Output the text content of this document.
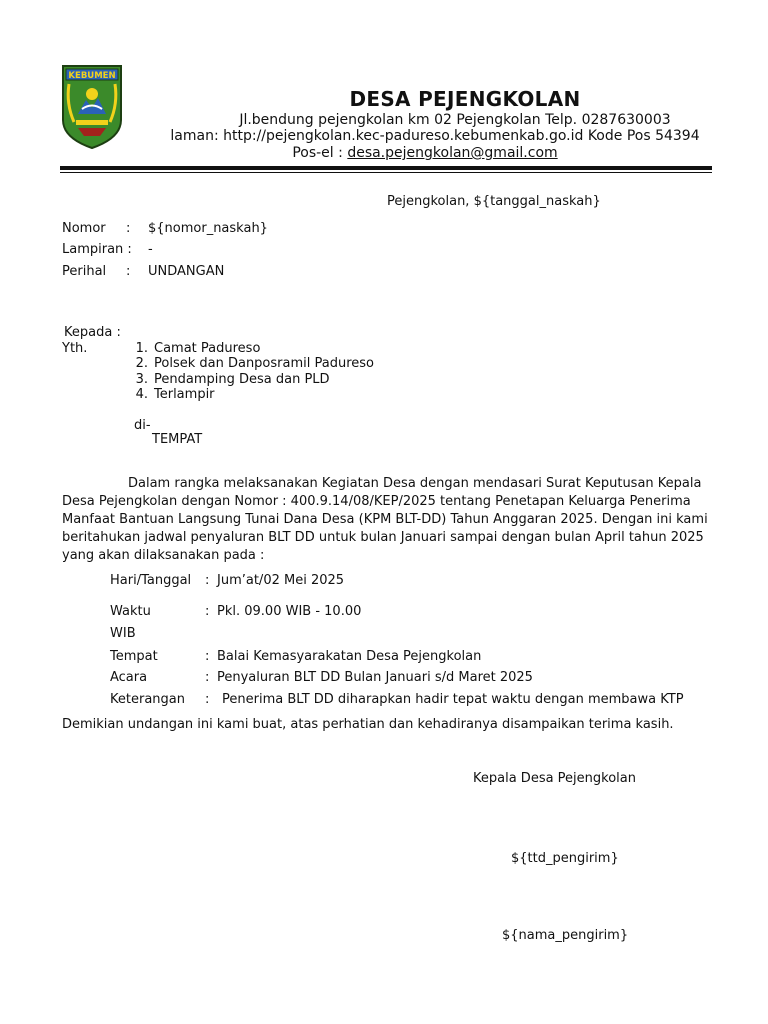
KEBUMEN
DESA PEJENGKOLAN
Jl.bendung pejengkolan km 02 Pejengkolan Telp. 0287630003
laman: http://pejengkolan.kec-padureso.kebumenkab.go.id Kode Pos 54394
Pos-el : desa.pejengkolan@gmail.com
Pejengkolan, ${tanggal_naskah}
Nomor : ${nomor_naskah}
Lampiran : -
Perihal : UNDANGAN
Kepada :
Yth.	1. Camat Padureso
2. Polsek dan Danposramil Padureso
3. Pendamping Desa dan PLD
4. Terlampir
di-
TEMPAT
Dalam rangka melaksanakan Kegiatan Desa dengan mendasari Surat Keputusan Kepala
Desa Pejengkolan dengan Nomor : 400.9.14/08/KEP/2025 tentang Penetapan Keluarga Penerima
Manfaat Bantuan Langsung Tunai Dana Desa (KPM BLT-DD) Tahun Anggaran 2025. Dengan ini kami
beritahukan jadwal penyaluran BLT DD untuk bulan Januari sampai dengan bulan April tahun 2025
yang akan dilaksanakan pada :
Hari/Tanggal : Jum’at/02 Mei 2025
Waktu	: Pkl. 09.00 WIB - 10.00
WIB
Tempat	: Balai Kemasyarakatan Desa Pejengkolan
Acara	: Penyaluran BLT DD Bulan Januari s/d Maret 2025
Keterangan : Penerima BLT DD diharapkan hadir tepat waktu dengan membawa KTP
Demikian undangan ini kami buat, atas perhatian dan kehadiranya disampaikan terima kasih.
Kepala Desa Pejengkolan
${ttd_pengirim}
${nama_pengirim}
